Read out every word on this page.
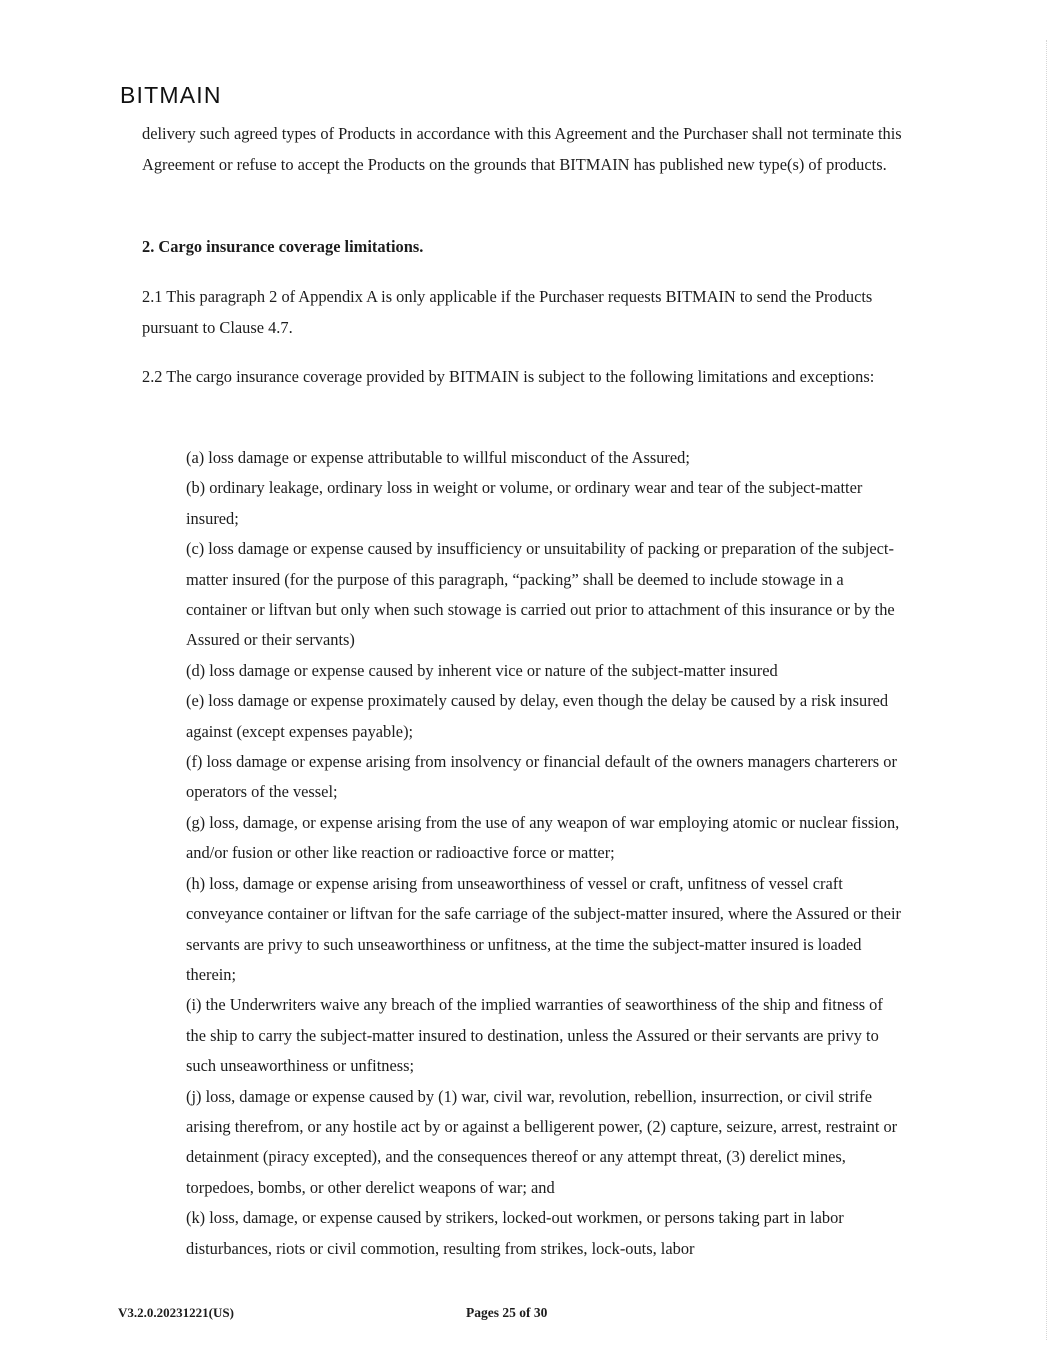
BITMAIN

delivery such agreed types of Products in accordance with this Agreement and the Purchaser shall not terminate this Agreement or refuse to accept the Products on the grounds that BITMAIN has published new type(s) of products.

2. Cargo insurance coverage limitations.

2.1 This paragraph 2 of Appendix A is only applicable if the Purchaser requests BITMAIN to send the Products pursuant to Clause 4.7.

2.2 The cargo insurance coverage provided by BITMAIN is subject to the following limitations and exceptions:

(a) loss damage or expense attributable to willful misconduct of the Assured;
(b) ordinary leakage, ordinary loss in weight or volume, or ordinary wear and tear of the subject-matter insured;
(c) loss damage or expense caused by insufficiency or unsuitability of packing or preparation of the subject-matter insured (for the purpose of this paragraph, “packing” shall be deemed to include stowage in a container or liftvan but only when such stowage is carried out prior to attachment of this insurance or by the Assured or their servants)
(d) loss damage or expense caused by inherent vice or nature of the subject-matter insured
(e) loss damage or expense proximately caused by delay, even though the delay be caused by a risk insured against (except expenses payable);
(f) loss damage or expense arising from insolvency or financial default of the owners managers charterers or operators of the vessel;
(g) loss, damage, or expense arising from the use of any weapon of war employing atomic or nuclear fission, and/or fusion or other like reaction or radioactive force or matter;
(h) loss, damage or expense arising from unseaworthiness of vessel or craft, unfitness of vessel craft conveyance container or liftvan for the safe carriage of the subject-matter insured, where the Assured or their servants are privy to such unseaworthiness or unfitness, at the time the subject-matter insured is loaded therein;
(i) the Underwriters waive any breach of the implied warranties of seaworthiness of the ship and fitness of the ship to carry the subject-matter insured to destination, unless the Assured or their servants are privy to such unseaworthiness or unfitness;
(j) loss, damage or expense caused by (1) war, civil war, revolution, rebellion, insurrection, or civil strife arising therefrom, or any hostile act by or against a belligerent power, (2) capture, seizure, arrest, restraint or detainment (piracy excepted), and the consequences thereof or any attempt threat, (3) derelict mines, torpedoes, bombs, or other derelict weapons of war; and
(k) loss, damage, or expense caused by strikers, locked-out workmen, or persons taking part in labor disturbances, riots or civil commotion, resulting from strikes, lock-outs, labor
V3.2.0.20231221(US)	Pages 25 of 30
